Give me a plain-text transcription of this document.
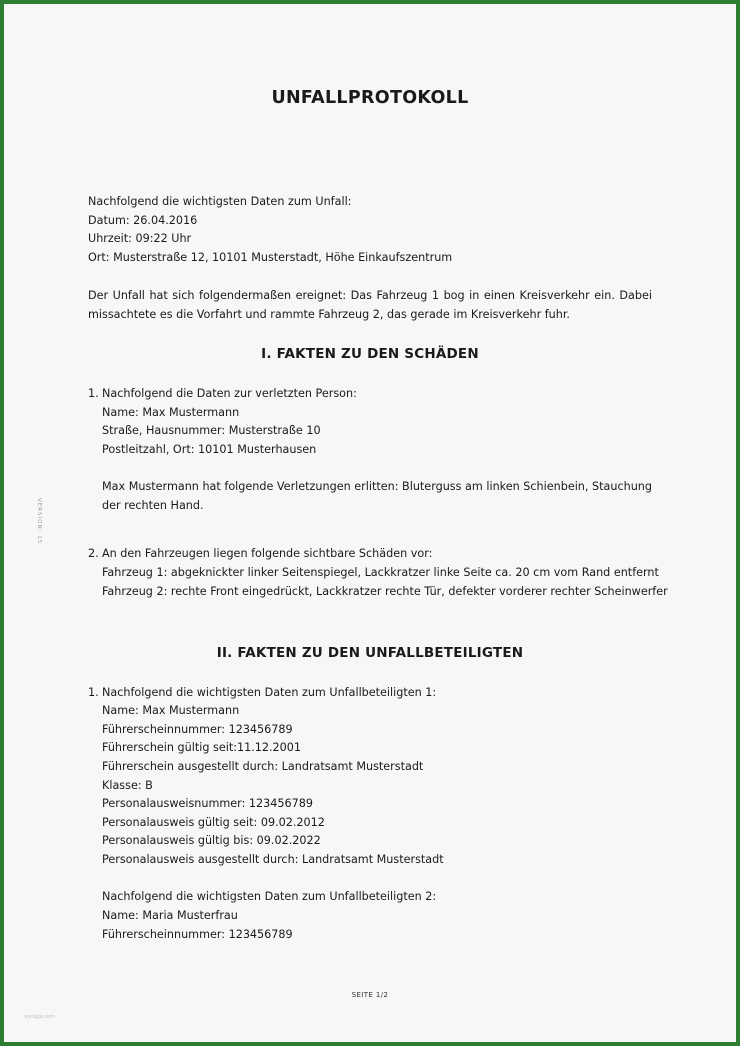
UNFALLPROTOKOLL
Nachfolgend die wichtigsten Daten zum Unfall:
Datum: 26.04.2016
Uhrzeit: 09:22 Uhr
Ort: Musterstraße 12, 10101 Musterstadt, Höhe Einkaufszentrum
Der Unfall hat sich folgendermaßen ereignet: Das Fahrzeug 1 bog in einen Kreisverkehr ein. Dabei missachtete es die Vorfahrt und rammte Fahrzeug 2, das gerade im Kreisverkehr fuhr.
I. FAKTEN ZU DEN SCHÄDEN
1. Nachfolgend die Daten zur verletzten Person:
Name: Max Mustermann
Straße, Hausnummer: Musterstraße 10
Postleitzahl, Ort: 10101 Musterhausen
Max Mustermann hat folgende Verletzungen erlitten: Bluterguss am linken Schienbein, Stauchung der rechten Hand.
2. An den Fahrzeugen liegen folgende sichtbare Schäden vor:
Fahrzeug 1: abgeknickter linker Seitenspiegel, Lackkratzer linke Seite ca. 20 cm vom Rand entfernt
Fahrzeug 2: rechte Front eingedrückt, Lackkratzer rechte Tür, defekter vorderer rechter Scheinwerfer
II. FAKTEN ZU DEN UNFALLBETEILIGTEN
1. Nachfolgend die wichtigsten Daten zum Unfallbeteiligten 1:
Name: Max Mustermann
Führerscheinnummer: 123456789
Führerschein gültig seit:11.12.2001
Führerschein ausgestellt durch: Landratsamt Musterstadt
Klasse: B
Personalausweisnummer: 123456789
Personalausweis gültig seit: 09.02.2012
Personalausweis gültig bis: 09.02.2022
Personalausweis ausgestellt durch: Landratsamt Musterstadt
Nachfolgend die wichtigsten Daten zum Unfallbeteiligten 2:
Name: Maria Musterfrau
Führerscheinnummer: 123456789
VERSION: 15
SEITE 1/2
vorlage.com
